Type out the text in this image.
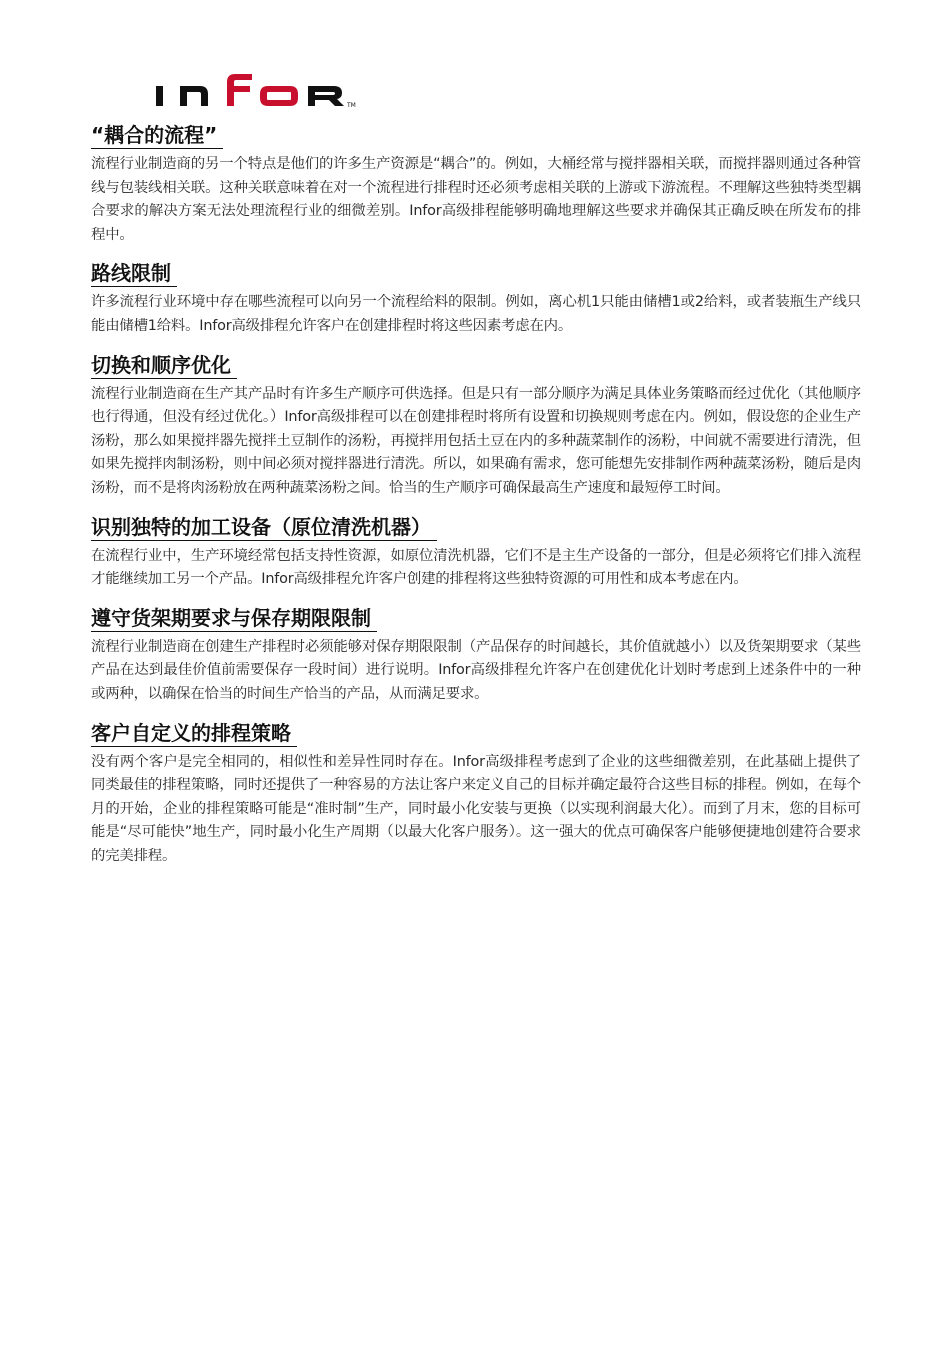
TM
“耦合的流程”

流程行业制造商的另一个特点是他们的许多生产资源是“耦合”的。例如，大桶经常与搅拌器相关联，而搅拌器则通过各种管线与包装线相关联。这种关联意味着在对一个流程进行排程时还必须考虑相关联的上游或下游流程。不理解这些独特类型耦合要求的解决方案无法处理流程行业的细微差别。Infor高级排程能够明确地理解这些要求并确保其正确反映在所发布的排程中。

路线限制

许多流程行业环境中存在哪些流程可以向另一个流程给料的限制。例如，离心机1只能由储槽1或2给料，或者装瓶生产线只能由储槽1给料。Infor高级排程允许客户在创建排程时将这些因素考虑在内。

切换和顺序优化

流程行业制造商在生产其产品时有许多生产顺序可供选择。但是只有一部分顺序为满足具体业务策略而经过优化（其他顺序也行得通，但没有经过优化。）Infor高级排程可以在创建排程时将所有设置和切换规则考虑在内。例如，假设您的企业生产汤粉，那么如果搅拌器先搅拌土豆制作的汤粉，再搅拌用包括土豆在内的多种蔬菜制作的汤粉，中间就不需要进行清洗，但如果先搅拌肉制汤粉，则中间必须对搅拌器进行清洗。所以，如果确有需求，您可能想先安排制作两种蔬菜汤粉，随后是肉汤粉，而不是将肉汤粉放在两种蔬菜汤粉之间。恰当的生产顺序可确保最高生产速度和最短停工时间。

识别独特的加工设备（原位清洗机器）

在流程行业中，生产环境经常包括支持性资源，如原位清洗机器，它们不是主生产设备的一部分，但是必须将它们排入流程才能继续加工另一个产品。Infor高级排程允许客户创建的排程将这些独特资源的可用性和成本考虑在内。

遵守货架期要求与保存期限限制

流程行业制造商在创建生产排程时必须能够对保存期限限制（产品保存的时间越长，其价值就越小）以及货架期要求（某些产品在达到最佳价值前需要保存一段时间）进行说明。Infor高级排程允许客户在创建优化计划时考虑到上述条件中的一种或两种，以确保在恰当的时间生产恰当的产品，从而满足要求。

客户自定义的排程策略

没有两个客户是完全相同的，相似性和差异性同时存在。Infor高级排程考虑到了企业的这些细微差别，在此基础上提供了同类最佳的排程策略，同时还提供了一种容易的方法让客户来定义自己的目标并确定最符合这些目标的排程。例如，在每个月的开始，企业的排程策略可能是“准时制”生产，同时最小化安装与更换（以实现利润最大化）。而到了月末，您的目标可能是“尽可能快”地生产，同时最小化生产周期（以最大化客户服务）。这一强大的优点可确保客户能够便捷地创建符合要求的完美排程。
